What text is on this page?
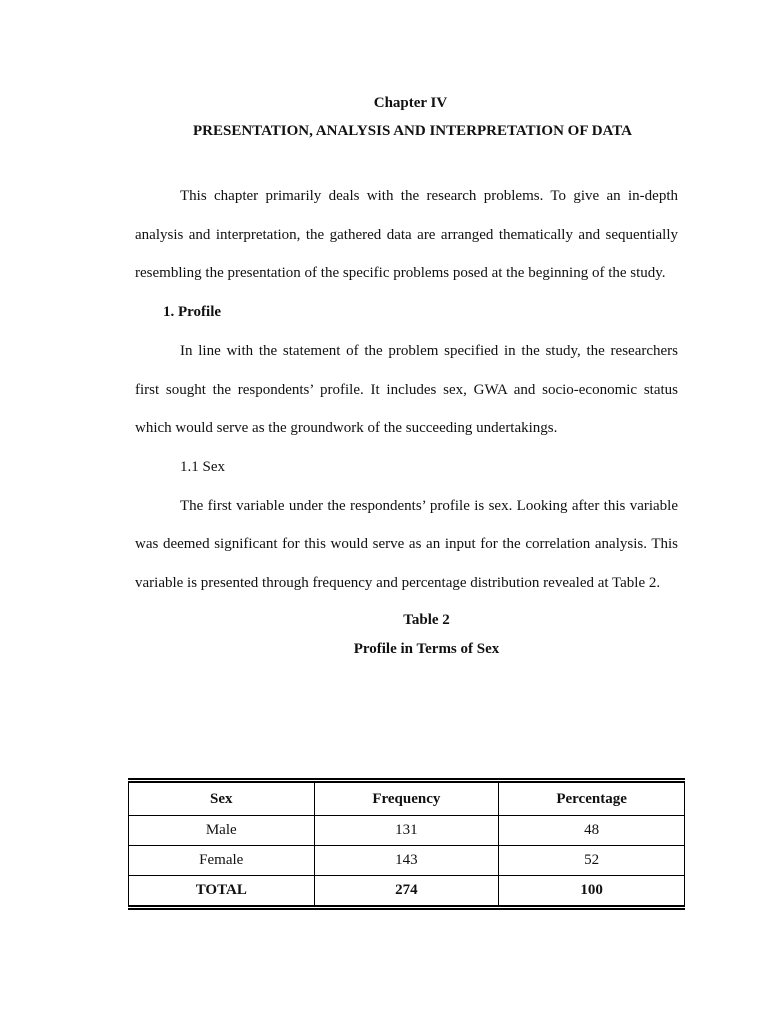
Chapter IV

PRESENTATION, ANALYSIS AND INTERPRETATION OF DATA

This chapter primarily deals with the research problems. To give an in-depth analysis and interpretation, the gathered data are arranged thematically and sequentially resembling the presentation of the specific problems posed at the beginning of the study.

1. Profile

In line with the statement of the problem specified in the study, the researchers first sought the respondents’ profile. It includes sex, GWA and socio-economic status which would serve as the groundwork of the succeeding undertakings.

1.1 Sex

The first variable under the respondents’ profile is sex. Looking after this variable was deemed significant for this would serve as an input for the correlation analysis. This variable is presented through frequency and percentage distribution revealed at Table 2.

Table 2

Profile in Terms of Sex

Sex	Frequency	Percentage
Male	131	48
Female	143	52
TOTAL	274	100
